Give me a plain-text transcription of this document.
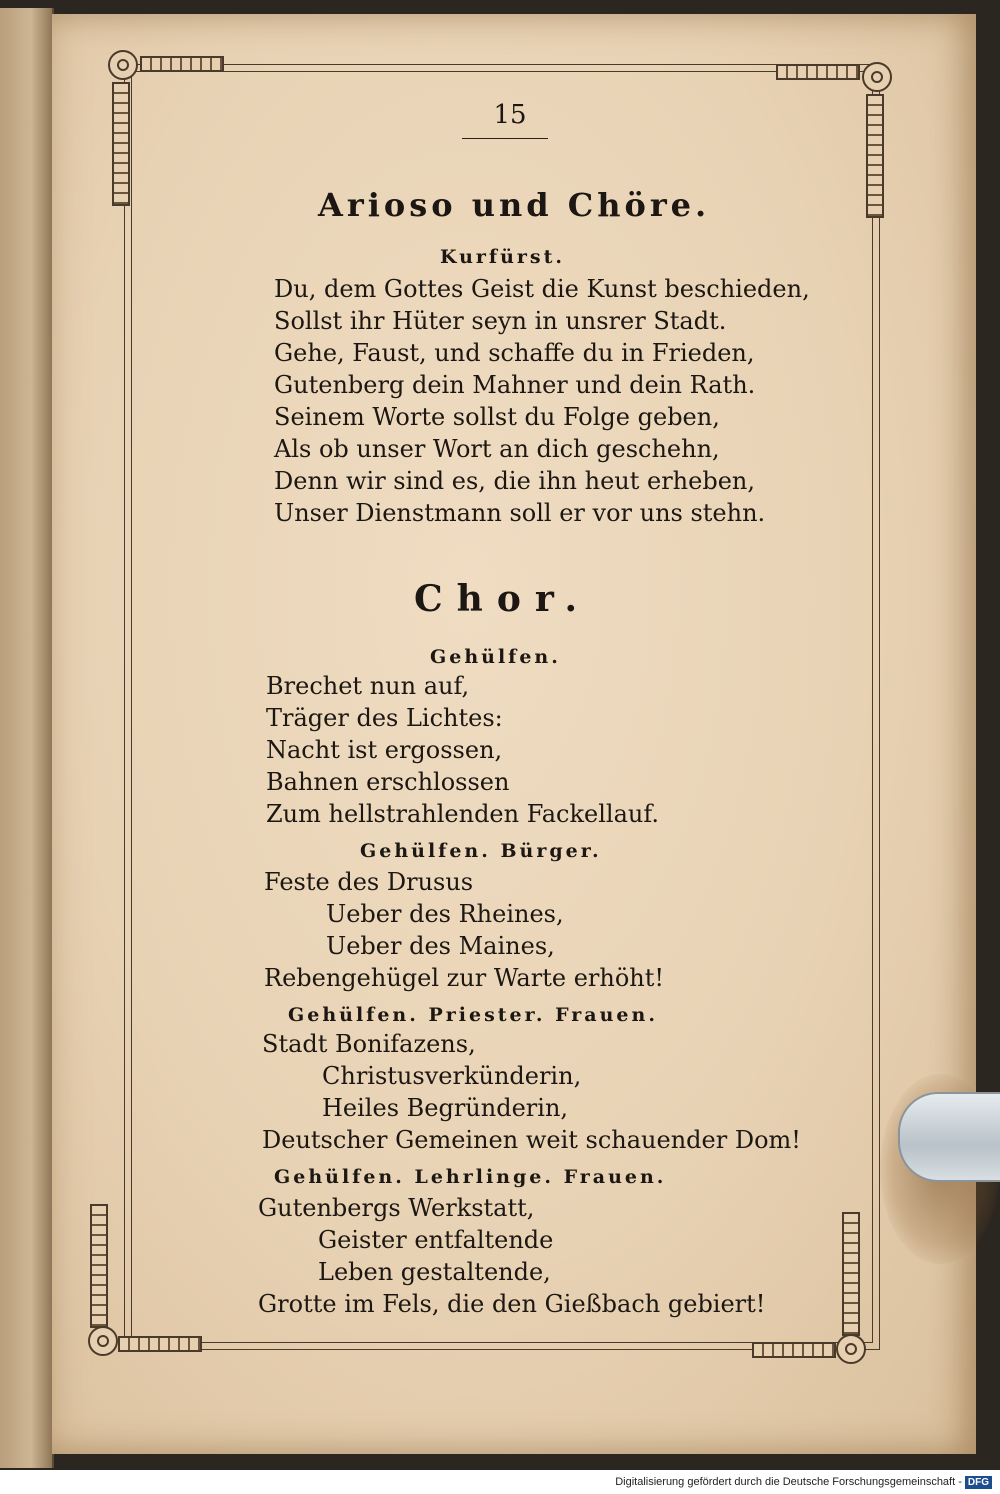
15
Arioso und Chöre.
Kurfürst.
Du, dem Gottes Geist die Kunst beschieden,
Sollst ihr Hüter seyn in unsrer Stadt.
Gehe, Faust, und schaffe du in Frieden,
Gutenberg dein Mahner und dein Rath.
Seinem Worte sollst du Folge geben,
Als ob unser Wort an dich geschehn,
Denn wir sind es, die ihn heut erheben,
Unser Dienstmann soll er vor uns stehn.
Chor.
Gehülfen.
Brechet nun auf,
Träger des Lichtes:
Nacht ist ergossen,
Bahnen erschlossen
Zum hellstrahlenden Fackellauf.
Gehülfen. Bürger.
Feste des Drusus
Ueber des Rheines,
Ueber des Maines,
Rebengehügel zur Warte erhöht!
Gehülfen. Priester. Frauen.
Stadt Bonifazens,
Christusverkünderin,
Heiles Begründerin,
Deutscher Gemeinen weit schauender Dom!
Gehülfen. Lehrlinge. Frauen.
Gutenbergs Werkstatt,
Geister entfaltende
Leben gestaltende,
Grotte im Fels, die den Gießbach gebiert!
Digitalisierung gefördert durch die Deutsche Forschungsgemeinschaft - DFG
